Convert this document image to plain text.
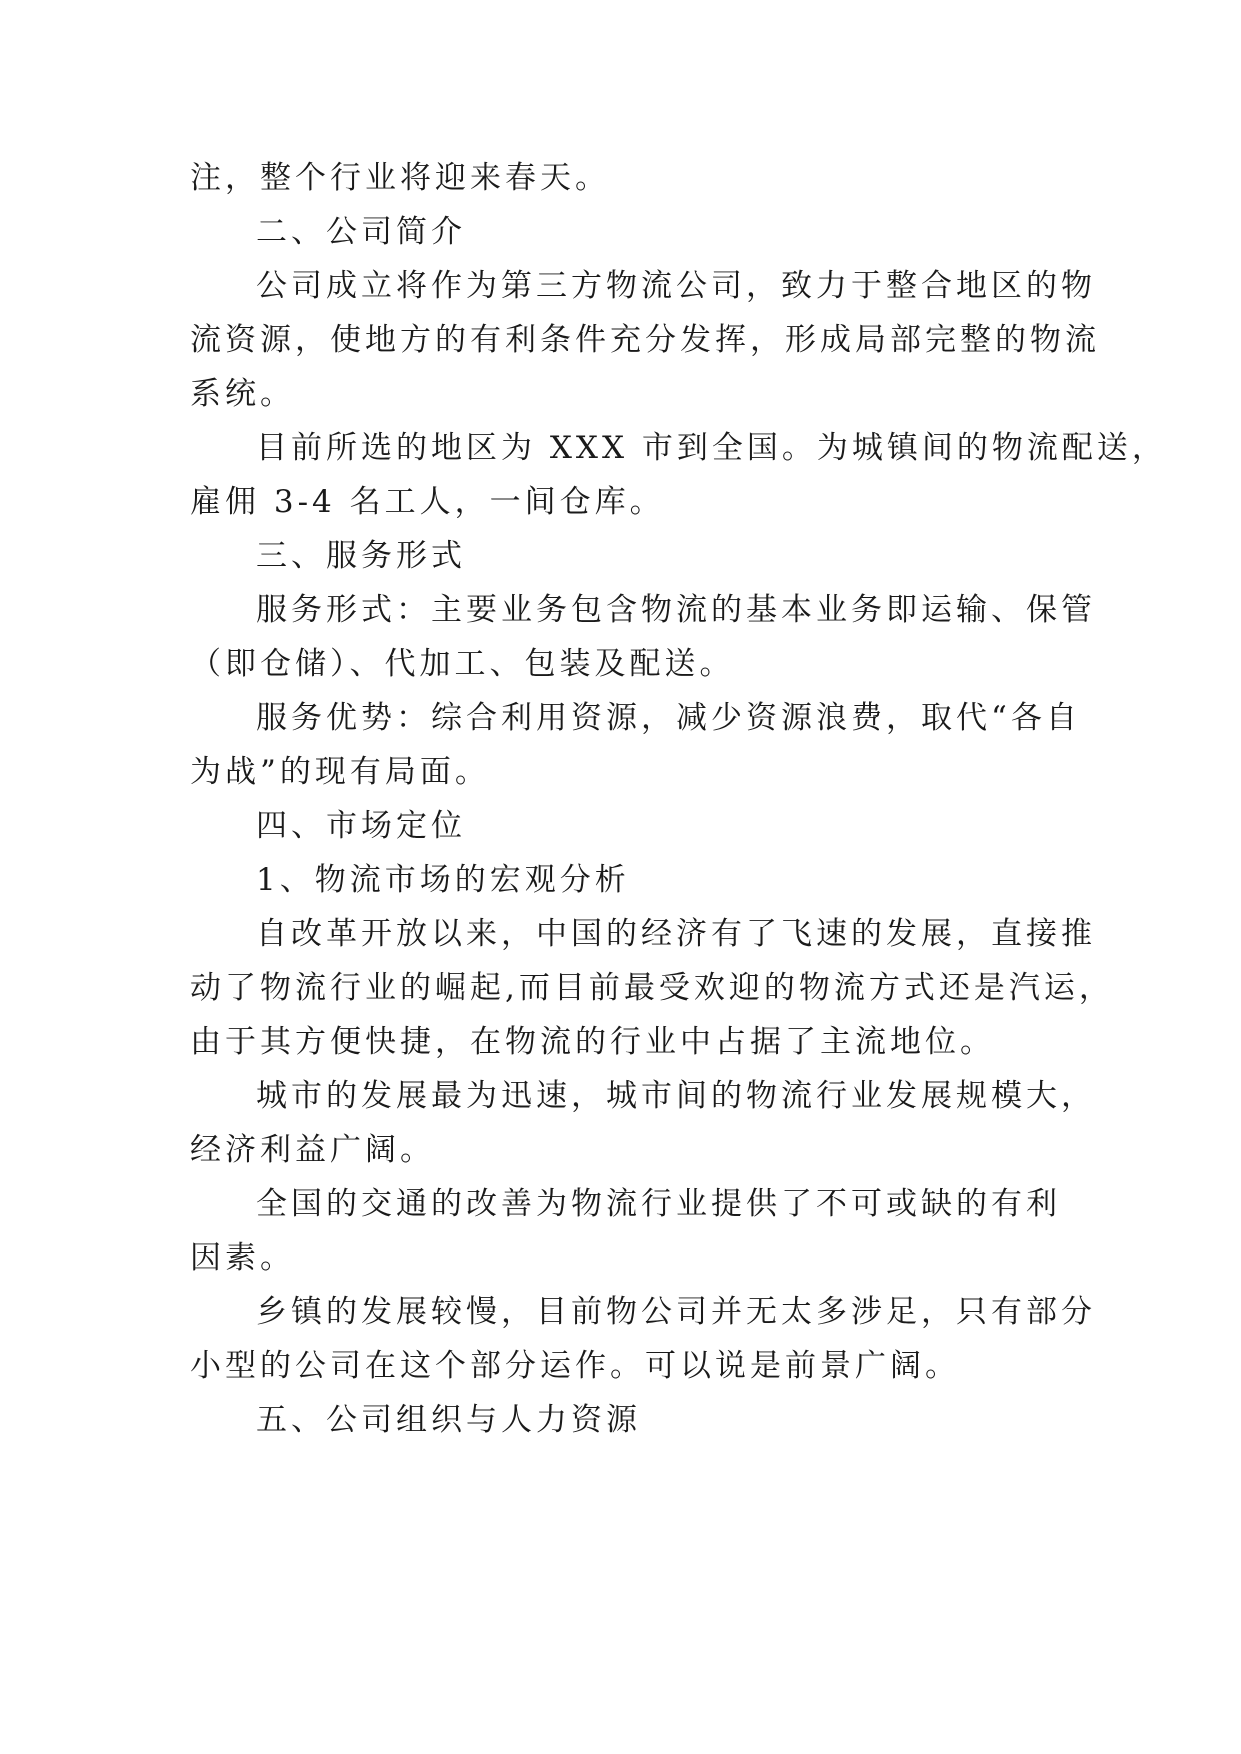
注，整个行业将迎来春天。
二、公司简介
公司成立将作为第三方物流公司，致力于整合地区的物
流资源，使地方的有利条件充分发挥，形成局部完整的物流
系统。
目前所选的地区为 XXX 市到全国。为城镇间的物流配送，
雇佣 3-4 名工人，一间仓库。
三、服务形式
服务形式：主要业务包含物流的基本业务即运输、保管
（即仓储）、代加工、包装及配送。
服务优势：综合利用资源，减少资源浪费，取代“各自
为战”的现有局面。
四、市场定位
1、物流市场的宏观分析
自改革开放以来，中国的经济有了飞速的发展，直接推
动了物流行业的崛起,而目前最受欢迎的物流方式还是汽运，
由于其方便快捷，在物流的行业中占据了主流地位。
城市的发展最为迅速，城市间的物流行业发展规模大，
经济利益广阔。
全国的交通的改善为物流行业提供了不可或缺的有利
因素。
乡镇的发展较慢，目前物公司并无太多涉足，只有部分
小型的公司在这个部分运作。可以说是前景广阔。
五、公司组织与人力资源
